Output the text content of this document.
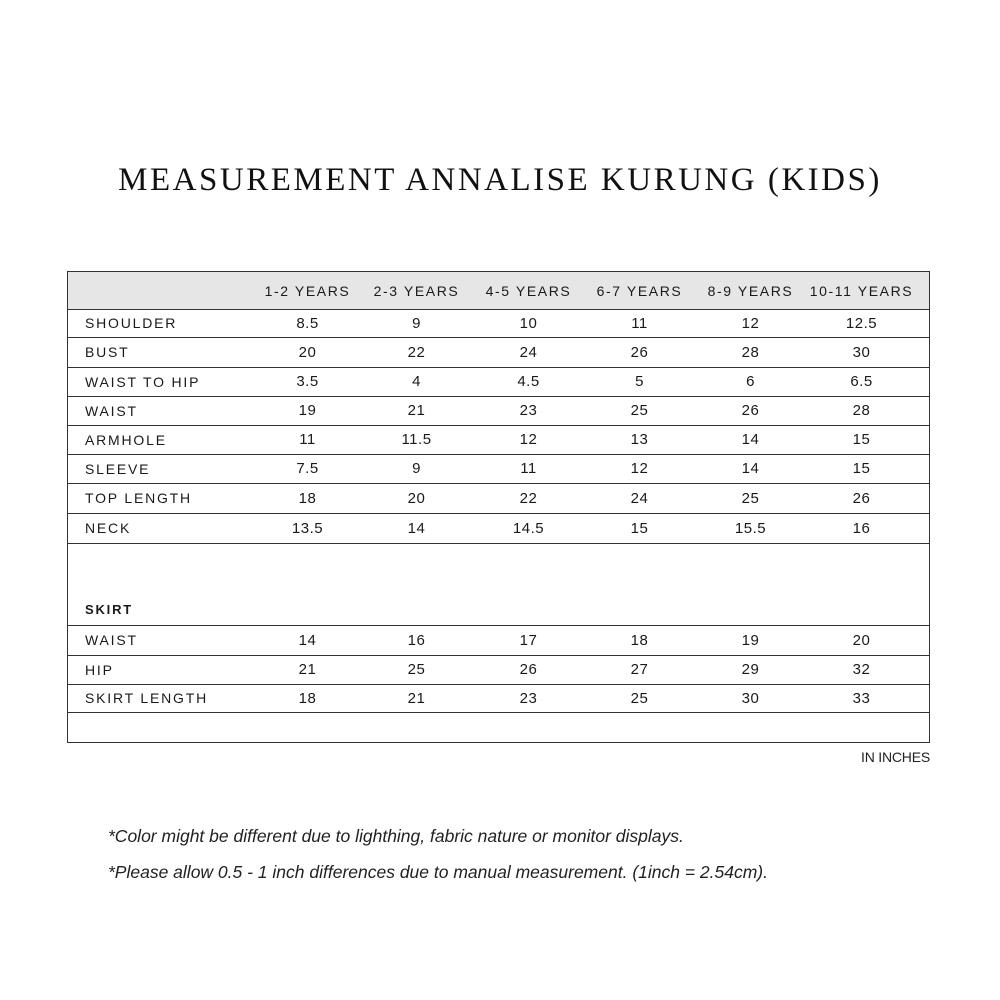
MEASUREMENT ANNALISE KURUNG (KIDS)
1-2 YEARS	2-3 YEARS	4-5 YEARS	6-7 YEARS	8-9 YEARS	10-11 YEARS
SHOULDER	8.5	9	10	11	12	12.5
BUST	20	22	24	26	28	30
WAIST TO HIP	3.5	4	4.5	5	6	6.5
WAIST	19	21	23	25	26	28
ARMHOLE	11	11.5	12	13	14	15
SLEEVE	7.5	9	11	12	14	15
TOP LENGTH	18	20	22	24	25	26
NECK	13.5	14	14.5	15	15.5	16
SKIRT
WAIST	14	16	17	18	19	20
HIP	21	25	26	27	29	32
SKIRT LENGTH	18	21	23	25	30	33
IN INCHES
*Color might be different due to lighthing, fabric nature or monitor displays.
*Please allow 0.5 - 1 inch differences due to manual measurement. (1inch = 2.54cm).
